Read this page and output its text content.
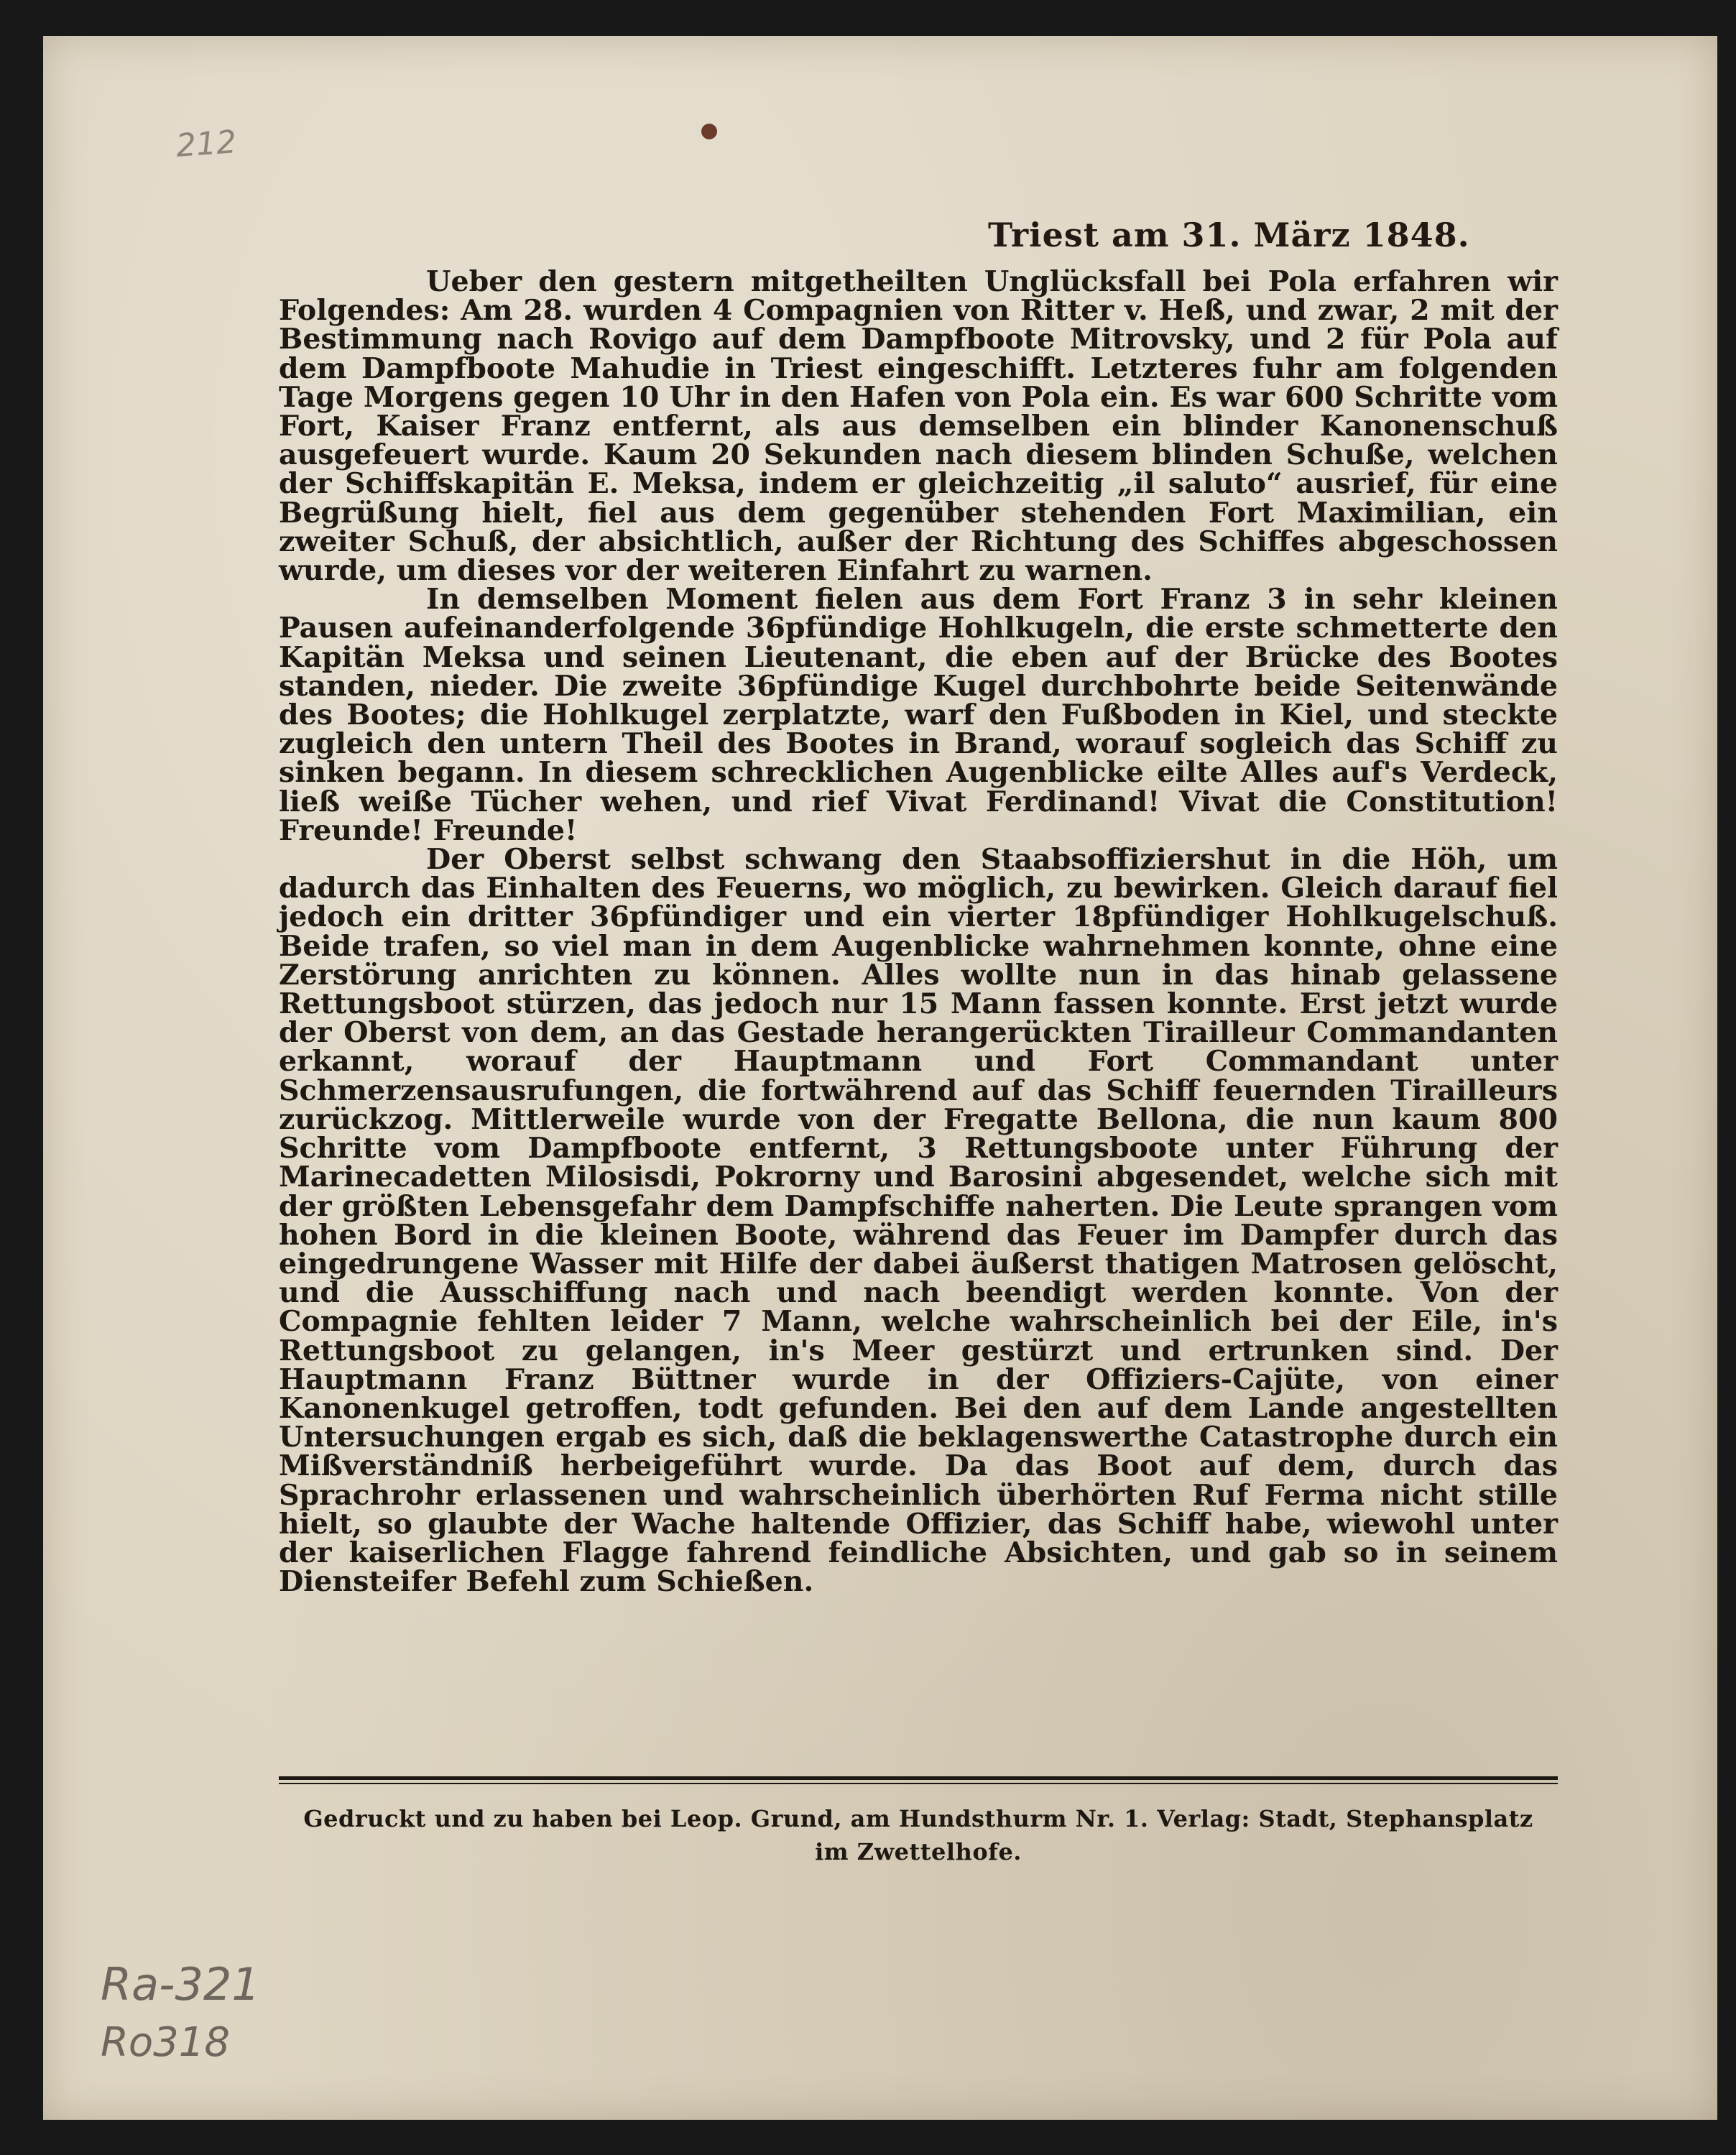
212
Triest am 31. März 1848.

Ueber den gestern mitgetheilten Unglücksfall bei Pola erfahren wir Folgendes: Am 28. wurden 4 Compagnien von Ritter v. Heß, und zwar, 2 mit der Bestimmung nach Rovigo auf dem Dampfboote Mitrovsky, und 2 für Pola auf dem Dampfboote Mahudie in Triest eingeschifft. Letzteres fuhr am folgenden Tage Morgens gegen 10 Uhr in den Hafen von Pola ein. Es war 600 Schritte vom Fort, Kaiser Franz entfernt, als aus demselben ein blinder Kanonenschuß ausgefeuert wurde. Kaum 20 Sekunden nach diesem blinden Schuße, welchen der Schiffskapitän E. Meksa, indem er gleichzeitig „il saluto“ ausrief, für eine Begrüßung hielt, fiel aus dem gegenüber stehenden Fort Maximilian, ein zweiter Schuß, der absichtlich, außer der Richtung des Schiffes abgeschossen wurde, um dieses vor der weiteren Einfahrt zu warnen.

In demselben Moment fielen aus dem Fort Franz 3 in sehr kleinen Pausen aufeinanderfolgende 36pfündige Hohlkugeln, die erste schmetterte den Kapitän Meksa und seinen Lieutenant, die eben auf der Brücke des Bootes standen, nieder. Die zweite 36pfündige Kugel durchbohrte beide Seitenwände des Bootes; die Hohlkugel zerplatzte, warf den Fußboden in Kiel, und steckte zugleich den untern Theil des Bootes in Brand, worauf sogleich das Schiff zu sinken begann. In diesem schrecklichen Augenblicke eilte Alles auf's Verdeck, ließ weiße Tücher wehen, und rief Vivat Ferdinand! Vivat die Constitution! Freunde! Freunde!

Der Oberst selbst schwang den Staabsoffiziershut in die Höh, um dadurch das Einhalten des Feuerns, wo möglich, zu bewirken. Gleich darauf fiel jedoch ein dritter 36pfündiger und ein vierter 18pfündiger Hohlkugelschuß. Beide trafen, so viel man in dem Augenblicke wahrnehmen konnte, ohne eine Zerstörung anrichten zu können. Alles wollte nun in das hinab gelassene Rettungsboot stürzen, das jedoch nur 15 Mann fassen konnte. Erst jetzt wurde der Oberst von dem, an das Gestade herangerückten Tirailleur Commandanten erkannt, worauf der Hauptmann und Fort Commandant unter Schmerzensausrufungen, die fortwährend auf das Schiff feuernden Tirailleurs zurückzog. Mittlerweile wurde von der Fregatte Bellona, die nun kaum 800 Schritte vom Dampfboote entfernt, 3 Rettungsboote unter Führung der Marinecadetten Milosisdi, Pokrorny und Barosini abgesendet, welche sich mit der größten Lebensgefahr dem Dampfschiffe naherten. Die Leute sprangen vom hohen Bord in die kleinen Boote, während das Feuer im Dampfer durch das eingedrungene Wasser mit Hilfe der dabei äußerst thatigen Matrosen gelöscht, und die Ausschiffung nach und nach beendigt werden konnte. Von der Compagnie fehlten leider 7 Mann, welche wahrscheinlich bei der Eile, in's Rettungsboot zu gelangen, in's Meer gestürzt und ertrunken sind. Der Hauptmann Franz Büttner wurde in der Offiziers-Cajüte, von einer Kanonenkugel getroffen, todt gefunden. Bei den auf dem Lande angestellten Untersuchungen ergab es sich, daß die beklagenswerthe Catastrophe durch ein Mißverständniß herbeigeführt wurde. Da das Boot auf dem, durch das Sprachrohr erlassenen und wahrscheinlich überhörten Ruf Ferma nicht stille hielt, so glaubte der Wache haltende Offizier, das Schiff habe, wiewohl unter der kaiserlichen Flagge fahrend feindliche Absichten, und gab so in seinem Diensteifer Befehl zum Schießen.

Gedruckt und zu haben bei Leop. Grund, am Hundsthurm Nr. 1. Verlag: Stadt, Stephansplatz
im Zwettelhofe.
Ra-321
Ro318
